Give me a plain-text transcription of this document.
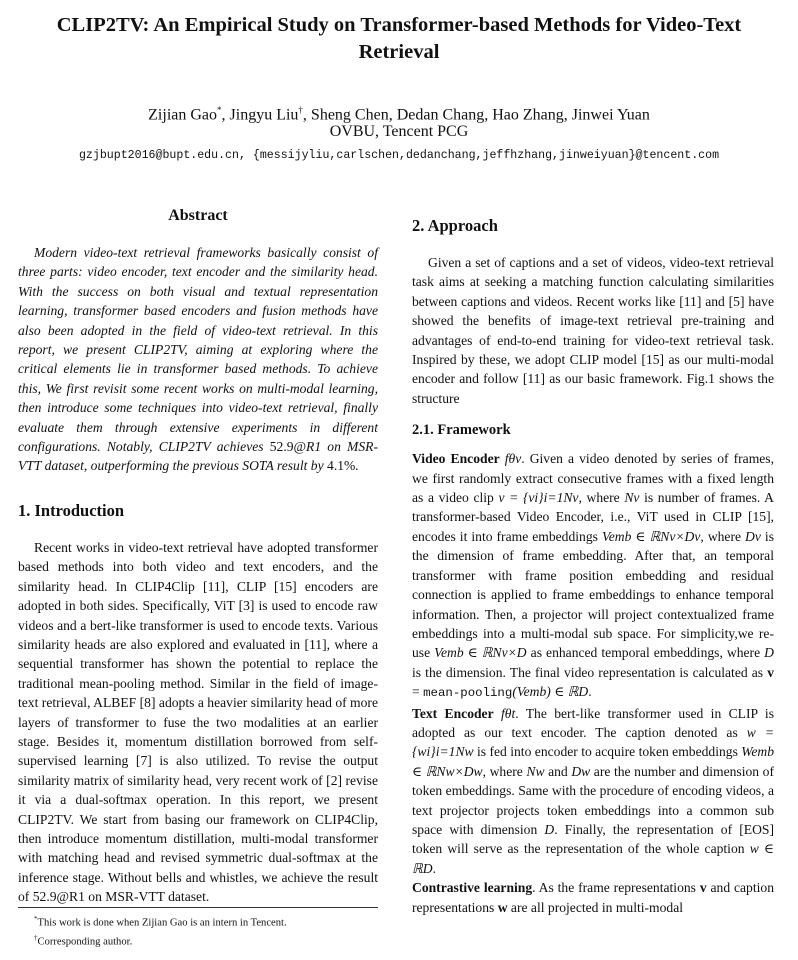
CLIP2TV: An Empirical Study on Transformer-based Methods for Video-Text Retrieval
Zijian Gao*, Jingyu Liu†, Sheng Chen, Dedan Chang, Hao Zhang, Jinwei Yuan
OVBU, Tencent PCG
gzjbupt2016@bupt.edu.cn, {messijyliu,carlschen,dedanchang,jeffhzhang,jinweiyuan}@tencent.com
Abstract

Modern video-text retrieval frameworks basically consist of three parts: video encoder, text encoder and the similarity head. With the success on both visual and textual representation learning, transformer based encoders and fusion methods have also been adopted in the field of video-text retrieval. In this report, we present CLIP2TV, aiming at exploring where the critical elements lie in transformer based methods. To achieve this, We first revisit some recent works on multi-modal learning, then introduce some techniques into video-text retrieval, finally evaluate them through extensive experiments in different configurations. Notably, CLIP2TV achieves 52.9@R1 on MSR-VTT dataset, outperforming the previous SOTA result by 4.1%.

1. Introduction

Recent works in video-text retrieval have adopted transformer based methods into both video and text encoders, and the similarity head. In CLIP4Clip [11], CLIP [15] encoders are adopted in both sides. Specifically, ViT [3] is used to encode raw videos and a bert-like transformer is used to encode texts. Various similarity heads are also explored and evaluated in [11], where a sequential transformer has shown the potential to replace the traditional mean-pooling method. Similar in the field of image-text retrieval, ALBEF [8] adopts a heavier similarity head of more layers of transformer to fuse the two modalities at an earlier stage. Besides it, momentum distillation borrowed from self-supervised learning [7] is also utilized. To revise the output similarity matrix of similarity head, very recent work of [2] revise it via a dual-softmax operation. In this report, we present CLIP2TV. We start from basing our framework on CLIP4Clip, then introduce momentum distillation, multi-modal transformer with matching head and revised symmetric dual-softmax at the inference stage. Without bells and whistles, we achieve the result of 52.9@R1 on MSR-VTT dataset.

2. Approach

Given a set of captions and a set of videos, video-text retrieval task aims at seeking a matching function calculating similarities between captions and videos. Recent works like [11] and [5] have showed the benefits of image-text retrieval pre-training and advantages of end-to-end training for video-text retrieval task. Inspired by these, we adopt CLIP model [15] as our multi-modal encoder and follow [11] as our basic framework. Fig.1 shows the structure

2.1. Framework

Video Encoder fθv. Given a video denoted by series of frames, we first randomly extract consecutive frames with a fixed length as a video clip v = {vi}i=1Nv, where Nv is number of frames. A transformer-based Video Encoder, i.e., ViT used in CLIP [15], encodes it into frame embeddings Vemb ∈ ℝNv×Dv, where Dv is the dimension of frame embedding. After that, an temporal transformer with frame position embedding and residual connection is applied to frame embeddings to enhance temporal information. Then, a projector will project contextualized frame embeddings into a multi-modal sub space. For simplicity,we re-use Vemb ∈ ℝNv×D as enhanced temporal embeddings, where D is the dimension. The final video representation is calculated as v = mean-pooling(Vemb) ∈ ℝD.

Text Encoder fθt. The bert-like transformer used in CLIP is adopted as our text encoder. The caption denoted as w = {wi}i=1Nw is fed into encoder to acquire token embeddings Wemb ∈ ℝNw×Dw, where Nw and Dw are the number and dimension of token embeddings. Same with the procedure of encoding videos, a text projector projects token embeddings into a common sub space with dimension D. Finally, the representation of [EOS] token will serve as the representation of the whole caption w ∈ ℝD.

Contrastive learning. As the frame representations v and caption representations w are all projected in multi-modal

*This work is done when Zijian Gao is an intern in Tencent.
†Corresponding author.
